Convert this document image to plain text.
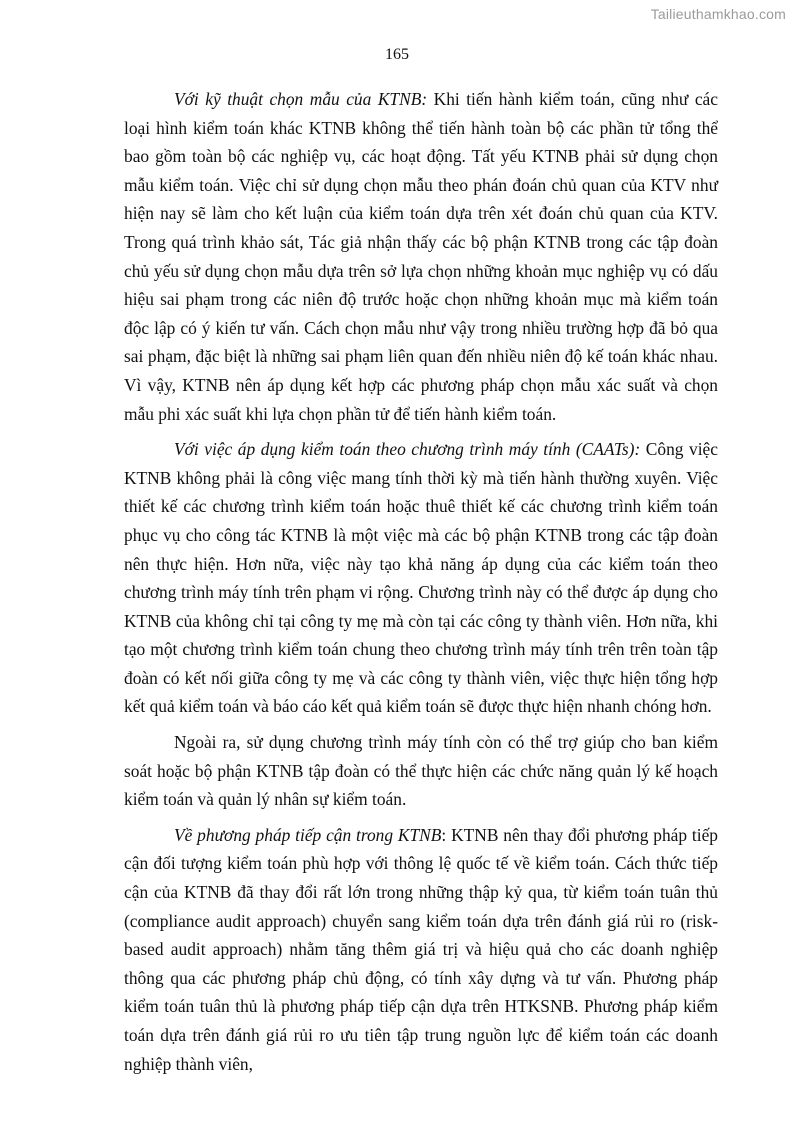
Tailieuthamkhao.com
165

Với kỹ thuật chọn mẫu của KTNB: Khi tiến hành kiểm toán, cũng như các loại hình kiểm toán khác KTNB không thể tiến hành toàn bộ các phần tử tổng thể bao gồm toàn bộ các nghiệp vụ, các hoạt động. Tất yếu KTNB phải sử dụng chọn mẫu kiểm toán. Việc chỉ sử dụng chọn mẫu theo phán đoán chủ quan của KTV như hiện nay sẽ làm cho kết luận của kiểm toán dựa trên xét đoán chủ quan của KTV. Trong quá trình khảo sát, Tác giả nhận thấy các bộ phận KTNB trong các tập đoàn chủ yếu sử dụng chọn mẫu dựa trên sở lựa chọn những khoản mục nghiệp vụ có dấu hiệu sai phạm trong các niên độ trước hoặc chọn những khoản mục mà kiểm toán độc lập có ý kiến tư vấn. Cách chọn mẫu như vậy trong nhiều trường hợp đã bỏ qua sai phạm, đặc biệt là những sai phạm liên quan đến nhiều niên độ kế toán khác nhau. Vì vậy, KTNB nên áp dụng kết hợp các phương pháp chọn mẫu xác suất và chọn mẫu phi xác suất khi lựa chọn phần tử để tiến hành kiểm toán.

Với việc áp dụng kiểm toán theo chương trình máy tính (CAATs): Công việc KTNB không phải là công việc mang tính thời kỳ mà tiến hành thường xuyên. Việc thiết kế các chương trình kiểm toán hoặc thuê thiết kế các chương trình kiểm toán phục vụ cho công tác KTNB là một việc mà các bộ phận KTNB trong các tập đoàn nên thực hiện. Hơn nữa, việc này tạo khả năng áp dụng của các kiểm toán theo chương trình máy tính trên phạm vi rộng. Chương trình này có thể được áp dụng cho KTNB của không chỉ tại công ty mẹ mà còn tại các công ty thành viên. Hơn nữa, khi tạo một chương trình kiểm toán chung theo chương trình máy tính trên trên toàn tập đoàn có kết nối giữa công ty mẹ và các công ty thành viên, việc thực hiện tổng hợp kết quả kiểm toán và báo cáo kết quả kiểm toán sẽ được thực hiện nhanh chóng hơn.

Ngoài ra, sử dụng chương trình máy tính còn có thể trợ giúp cho ban kiểm soát hoặc bộ phận KTNB tập đoàn có thể thực hiện các chức năng quản lý kế hoạch kiểm toán và quản lý nhân sự kiểm toán.

Về phương pháp tiếp cận trong KTNB: KTNB nên thay đổi phương pháp tiếp cận đối tượng kiểm toán phù hợp với thông lệ quốc tế về kiểm toán. Cách thức tiếp cận của KTNB đã thay đổi rất lớn trong những thập kỷ qua, từ kiểm toán tuân thủ (compliance audit approach) chuyển sang kiểm toán dựa trên đánh giá rủi ro (risk-based audit approach) nhằm tăng thêm giá trị và hiệu quả cho các doanh nghiệp thông qua các phương pháp chủ động, có tính xây dựng và tư vấn. Phương pháp kiểm toán tuân thủ là phương pháp tiếp cận dựa trên HTKSNB. Phương pháp kiểm toán dựa trên đánh giá rủi ro ưu tiên tập trung nguồn lực để kiểm toán các doanh nghiệp thành viên,
